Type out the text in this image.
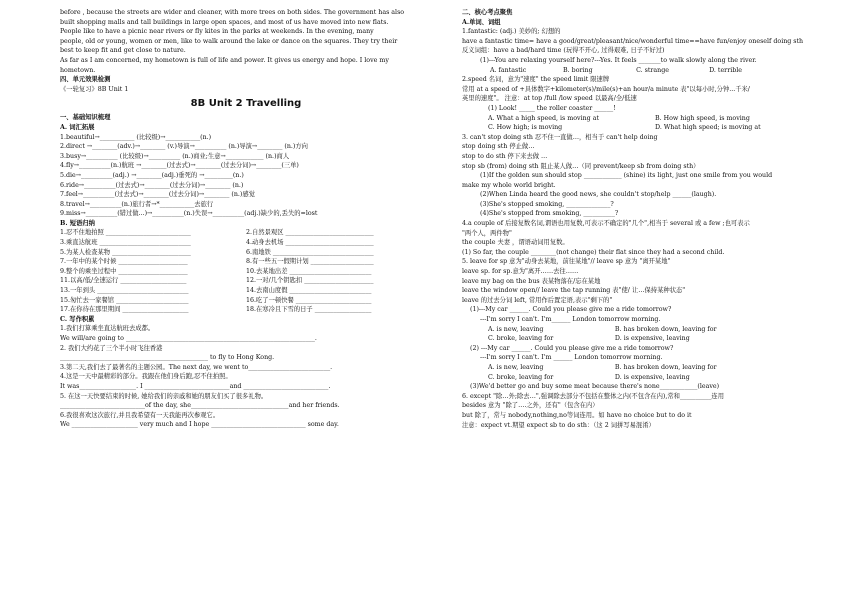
before , because the streets are wider and cleaner, with more trees on both sides. The government has also
built shopping malls and tall buildings in large open spaces, and most of us have moved into new flats.
People like to have a picnic near rivers or fly kites in the parks at weekends. In the evening, many
people, old or young, women or men, like to walk around the lake or dance on the squares. They try their
best to keep fit and get close to nature.
As far as I am concerned, my hometown is full of life and power. It gives us energy and hope. I love my
hometown.
四、单元效果检测
《一轮复习》8B Unit 1
8B Unit 2 Travelling
一、基础知识梳理
A. 词汇拓展
1.beautiful→___________ (比较级)→___________(n.)
2.direct →________(adv.)→________ (v.)导演→__________ (n.)导演→________ (n.)方向
3.busy→__________ (比较级)→__________ (n.)商业;生意→____________ (n.)商人
4.fly→__________(n.)航班 →________(过去式)→________(过去分词)→________(三单)
5.die→__________(adj.) →________(adj.)垂死的 →_________(n.)
6.ride→__________(过去式)→________(过去分词)→________ (n.)
7.feel→__________(过去式)→________(过去分词)→________ (n.)感觉
8.travel→__________(n.)旅行者→*___________去旅行
9.miss→__________(错过做...)→__________(n.)失误→__________(adj.)缺少的,丢失的=lost
B. 短语归纳
1.忍不住地拍照 ___________________________	2.自然景观区 ____________________________
3.乘直达航班 _____________________________	4.动身去机场 ____________________________
5.为某人检查某物 _________________________	6.南地铁 ________________________________
7.一年中的某个时候 ______________________	8.有一些五一假期计划 ____________________
9.整个的乘坐过程中 ______________________	10.去某地出差 __________________________
11.以高/低/全速运行 _____________________	12.一对/几个钥匙扣 ______________________
13.一年到头 _____________________________	14.去南山度假 __________________________
15.匆忙去一家餐馆 _______________________	16.吃了一顿快餐 ________________________
17.在你待在那里期间 _____________________	18.在寒冷且下雪的日子 __________________
C. 写作积累
1.我们打算乘坐直达航班去成都。
We will/are going to ____________________________________________________________.
2. 我们大约花了三个半小时飞往香港
_______________________________________________ to fly to Hong Kong.
3.第二天,我们去了最著名的主题公园。The next day, we went to__________________________.
4.这是一天中最精彩的部分。我跟在他们身后跑,忍不住拍照。
It was__________________. I ___________________________and ___________________________.
5. 在这一天快要结束的时候, 她给我们的亲戚和她的朋友们买了很多礼物。
___________________________of the day, she_______________________________and her friends.
6.我很喜欢这次旅行,并且我希望有一天我能再次参观它。
We _____________________ very much and I hope ______________________________ some day.
二、核心考点聚焦
A.单词、词组
1.fantastic: (adj.) 美妙的; 幻想的
have a fantastic time= have a good/great/pleasant/nice/wonderful time==have fun/enjoy oneself doing sth
反义词组：have a bad/hard time (玩得不开心, 过得艰难, 日子不好过)
(1)---You are relaxing yourself here?---Yes. It feels _______to walk slowly along the river.
A. fantastic	B. boring	C. strange	D. terrible
2.speed 名词，意为"速度" the speed limit 限速牌
常用 at a speed of +具体数字+kilometer(s)/mile(s)+an hour/a minute 表"以每小时,分钟...千米/
英里的速度"。 注意：at top /full /low speed 以最高/全/低速
(1) Look! _____ the roller coaster ______!
A. What a high speed, is moving at	B. How high speed, is moving
C. How high; is moving	D. What high speed; is moving at
3. can't stop doing sth 忍不住一直做…，相当于 can't help doing
stop doing sth 停止做…
stop to do sth 停下来去做 …
stop sb (from) doing sth 阻止某人做…（同 prevent/keep sb from doing sth）
(1)If the golden sun should stop ____________ (shine) its light, just one smile from you would
make my whole world bright.
(2)When Linda heard the good news, she couldn't stop/help ______(laugh).
(3)She's stopped smoking, ______________?
(4)She's stopped from smoking, __________?
4.a couple of 后接复数名词,谓语也用复数,可表示不确定的"几个",相当于 several 或 a few ;也可表示
"两个人，两件物"
the couple 夫妻 ，谓语动词用复数。
(1) So far, the couple ________(not change) their flat since they had a second child.
5. leave for sp 意为"动身去某地，前往某地"// leave sp 意为 "离开某地"
leave sp. for sp.意为"离开……去往……
leave my bag on the bus 表某物落在/忘在某地
leave the window open// leave the tap running 表"使/ 让…保持某种状态"
leave 的过去分词 left, 常用作后置定语,表示"剩下的"
(1)---My car ______. Could you please give me a ride tomorrow?
---I'm sorry I can't. I'm______ London tomorrow morning.
A. is new, leaving	B. has broken down, leaving for
C. broke, leaving for	D. is expensive, leaving
(2) ---My car ______. Could you please give me a ride tomorrow?
---I'm sorry I can't. I'm ______ London tomorrow morning.
A. is new, leaving	B. has broken down, leaving for
C. broke, leaving for	D. is expensive, leaving
(3)We'd better go and buy some meat because there's none____________(leave)
6. except "除…外;除去…",强调除去部分不包括在整体之内(不包含在内),常和__________连用
besides 意为 "除了….之外，还有"（包含在内）
but 除了，常与 nobody,nothing,no等词连用。如 have no choice but to do it
注意：expect vt.期望 expect sb to do sth：（这 2 词拼写易混淆）
